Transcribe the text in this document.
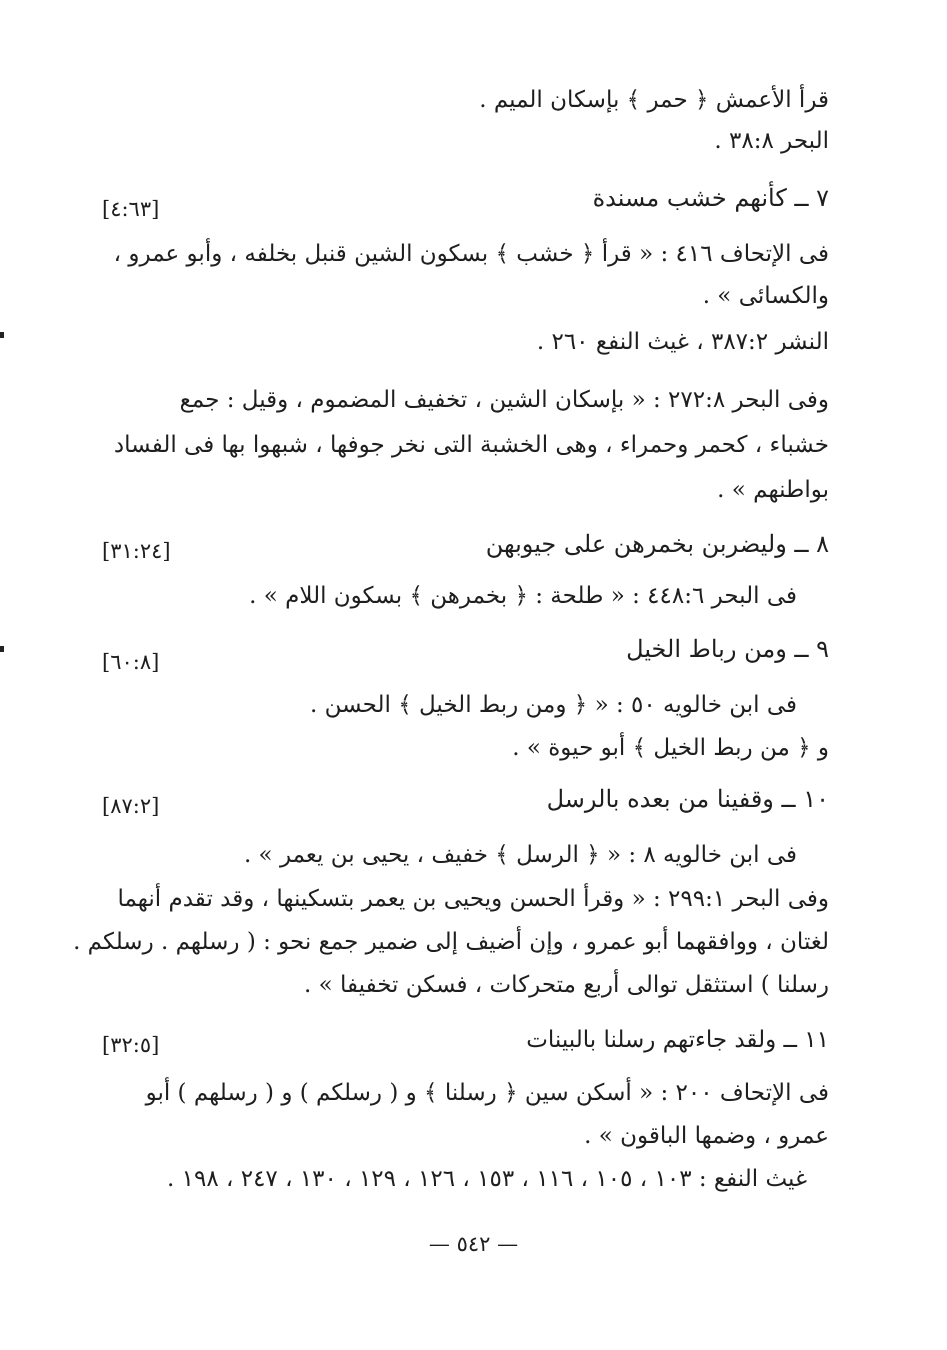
قرأ الأعمش ﴿ حمر ﴾ بإسكان الميم .
البحر ٣٨:٨ .
٧ ــ كأنهم خشب مسندة
[٤:٦٣]
فى الإتحاف ٤١٦ : « قرأ ﴿ خشب ﴾ بسكون الشين قنبل بخلفه ، وأبو عمرو ،
والكسائى » .
النشر ٣٨٧:٢ ، غيث النفع ٢٦٠ .
وفى البحر ٢٧٢:٨ : « بإسكان الشين ، تخفيف المضموم ، وقيل : جمع
خشباء ، كحمر وحمراء ، وهى الخشبة التى نخر جوفها ، شبهوا بها فى الفساد
بواطنهم » .
٨ ــ وليضربن بخمرهن على جيوبهن
[٣١:٢٤]
فى البحر ٤٤٨:٦ : « طلحة : ﴿ بخمرهن ﴾ بسكون اللام » .
٩ ــ ومن رباط الخيل
[٦٠:٨]
فى ابن خالويه ٥٠ : « ﴿ ومن ربط الخيل ﴾ الحسن .
و ﴿ من ربط الخيل ﴾ أبو حيوة » .
١٠ ــ وقفينا من بعده بالرسل
[٨٧:٢]
فى ابن خالويه ٨ : « ﴿ الرسل ﴾ خفيف ، يحيى بن يعمر » .
وفى البحر ٢٩٩:١ : « وقرأ الحسن ويحيى بن يعمر بتسكينها ، وقد تقدم أنهما
لغتان ، ووافقهما أبو عمرو ، وإن أضيف إلى ضمير جمع نحو : ( رسلهم . رسلكم .
رسلنا ) استثقل توالى أربع متحركات ، فسكن تخفيفا » .
١١ ــ ولقد جاءتهم رسلنا بالبينات
[٣٢:٥]
فى الإتحاف ٢٠٠ : « أسكن سين ﴿ رسلنا ﴾ و ( رسلكم ) و ( رسلهم ) أبو
عمرو ، وضمها الباقون » .
غيث النفع : ١٠٣ ، ١٠٥ ، ١١٦ ، ١٥٣ ، ١٢٦ ، ١٢٩ ، ١٣٠ ، ٢٤٧ ، ١٩٨ .
— ٥٤٢ —
